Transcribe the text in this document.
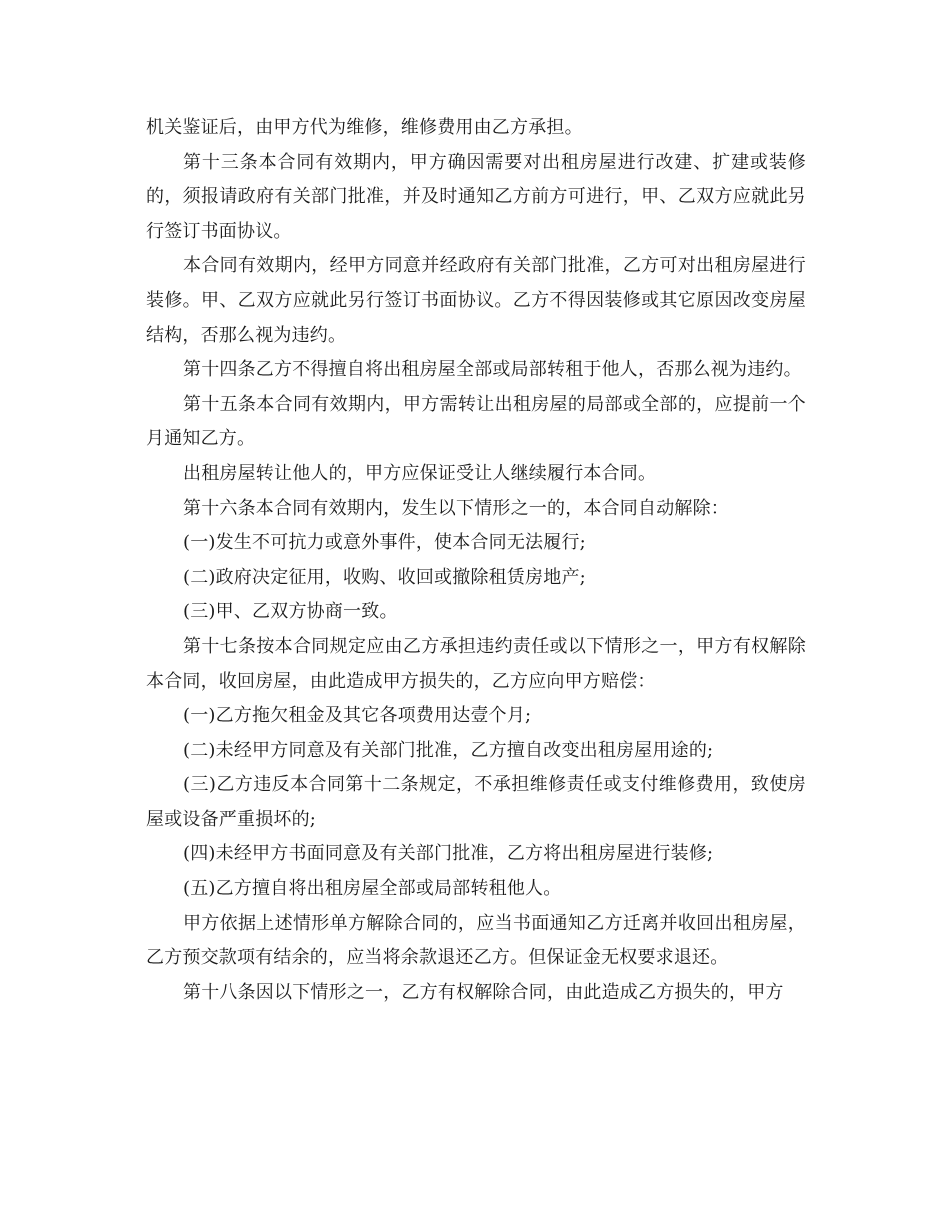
机关鉴证后，由甲方代为维修，维修费用由乙方承担。

第十三条本合同有效期内，甲方确因需要对出租房屋进行改建、扩建或装修的，须报请政府有关部门批准，并及时通知乙方前方可进行，甲、乙双方应就此另行签订书面协议。

本合同有效期内，经甲方同意并经政府有关部门批准，乙方可对出租房屋进行装修。甲、乙双方应就此另行签订书面协议。乙方不得因装修或其它原因改变房屋结构，否那么视为违约。

第十四条乙方不得擅自将出租房屋全部或局部转租于他人，否那么视为违约。

第十五条本合同有效期内，甲方需转让出租房屋的局部或全部的，应提前一个月通知乙方。

出租房屋转让他人的，甲方应保证受让人继续履行本合同。

第十六条本合同有效期内，发生以下情形之一的，本合同自动解除：

(一)发生不可抗力或意外事件，使本合同无法履行;

(二)政府决定征用，收购、收回或撤除租赁房地产;

(三)甲、乙双方协商一致。

第十七条按本合同规定应由乙方承担违约责任或以下情形之一，甲方有权解除本合同，收回房屋，由此造成甲方损失的，乙方应向甲方赔偿：

(一)乙方拖欠租金及其它各项费用达壹个月;

(二)未经甲方同意及有关部门批准，乙方擅自改变出租房屋用途的;

(三)乙方违反本合同第十二条规定，不承担维修责任或支付维修费用，致使房屋或设备严重损坏的;

(四)未经甲方书面同意及有关部门批准，乙方将出租房屋进行装修;

(五)乙方擅自将出租房屋全部或局部转租他人。

甲方依据上述情形单方解除合同的，应当书面通知乙方迁离并收回出租房屋，乙方预交款项有结余的，应当将余款退还乙方。但保证金无权要求退还。

第十八条因以下情形之一，乙方有权解除合同，由此造成乙方损失的，甲方
